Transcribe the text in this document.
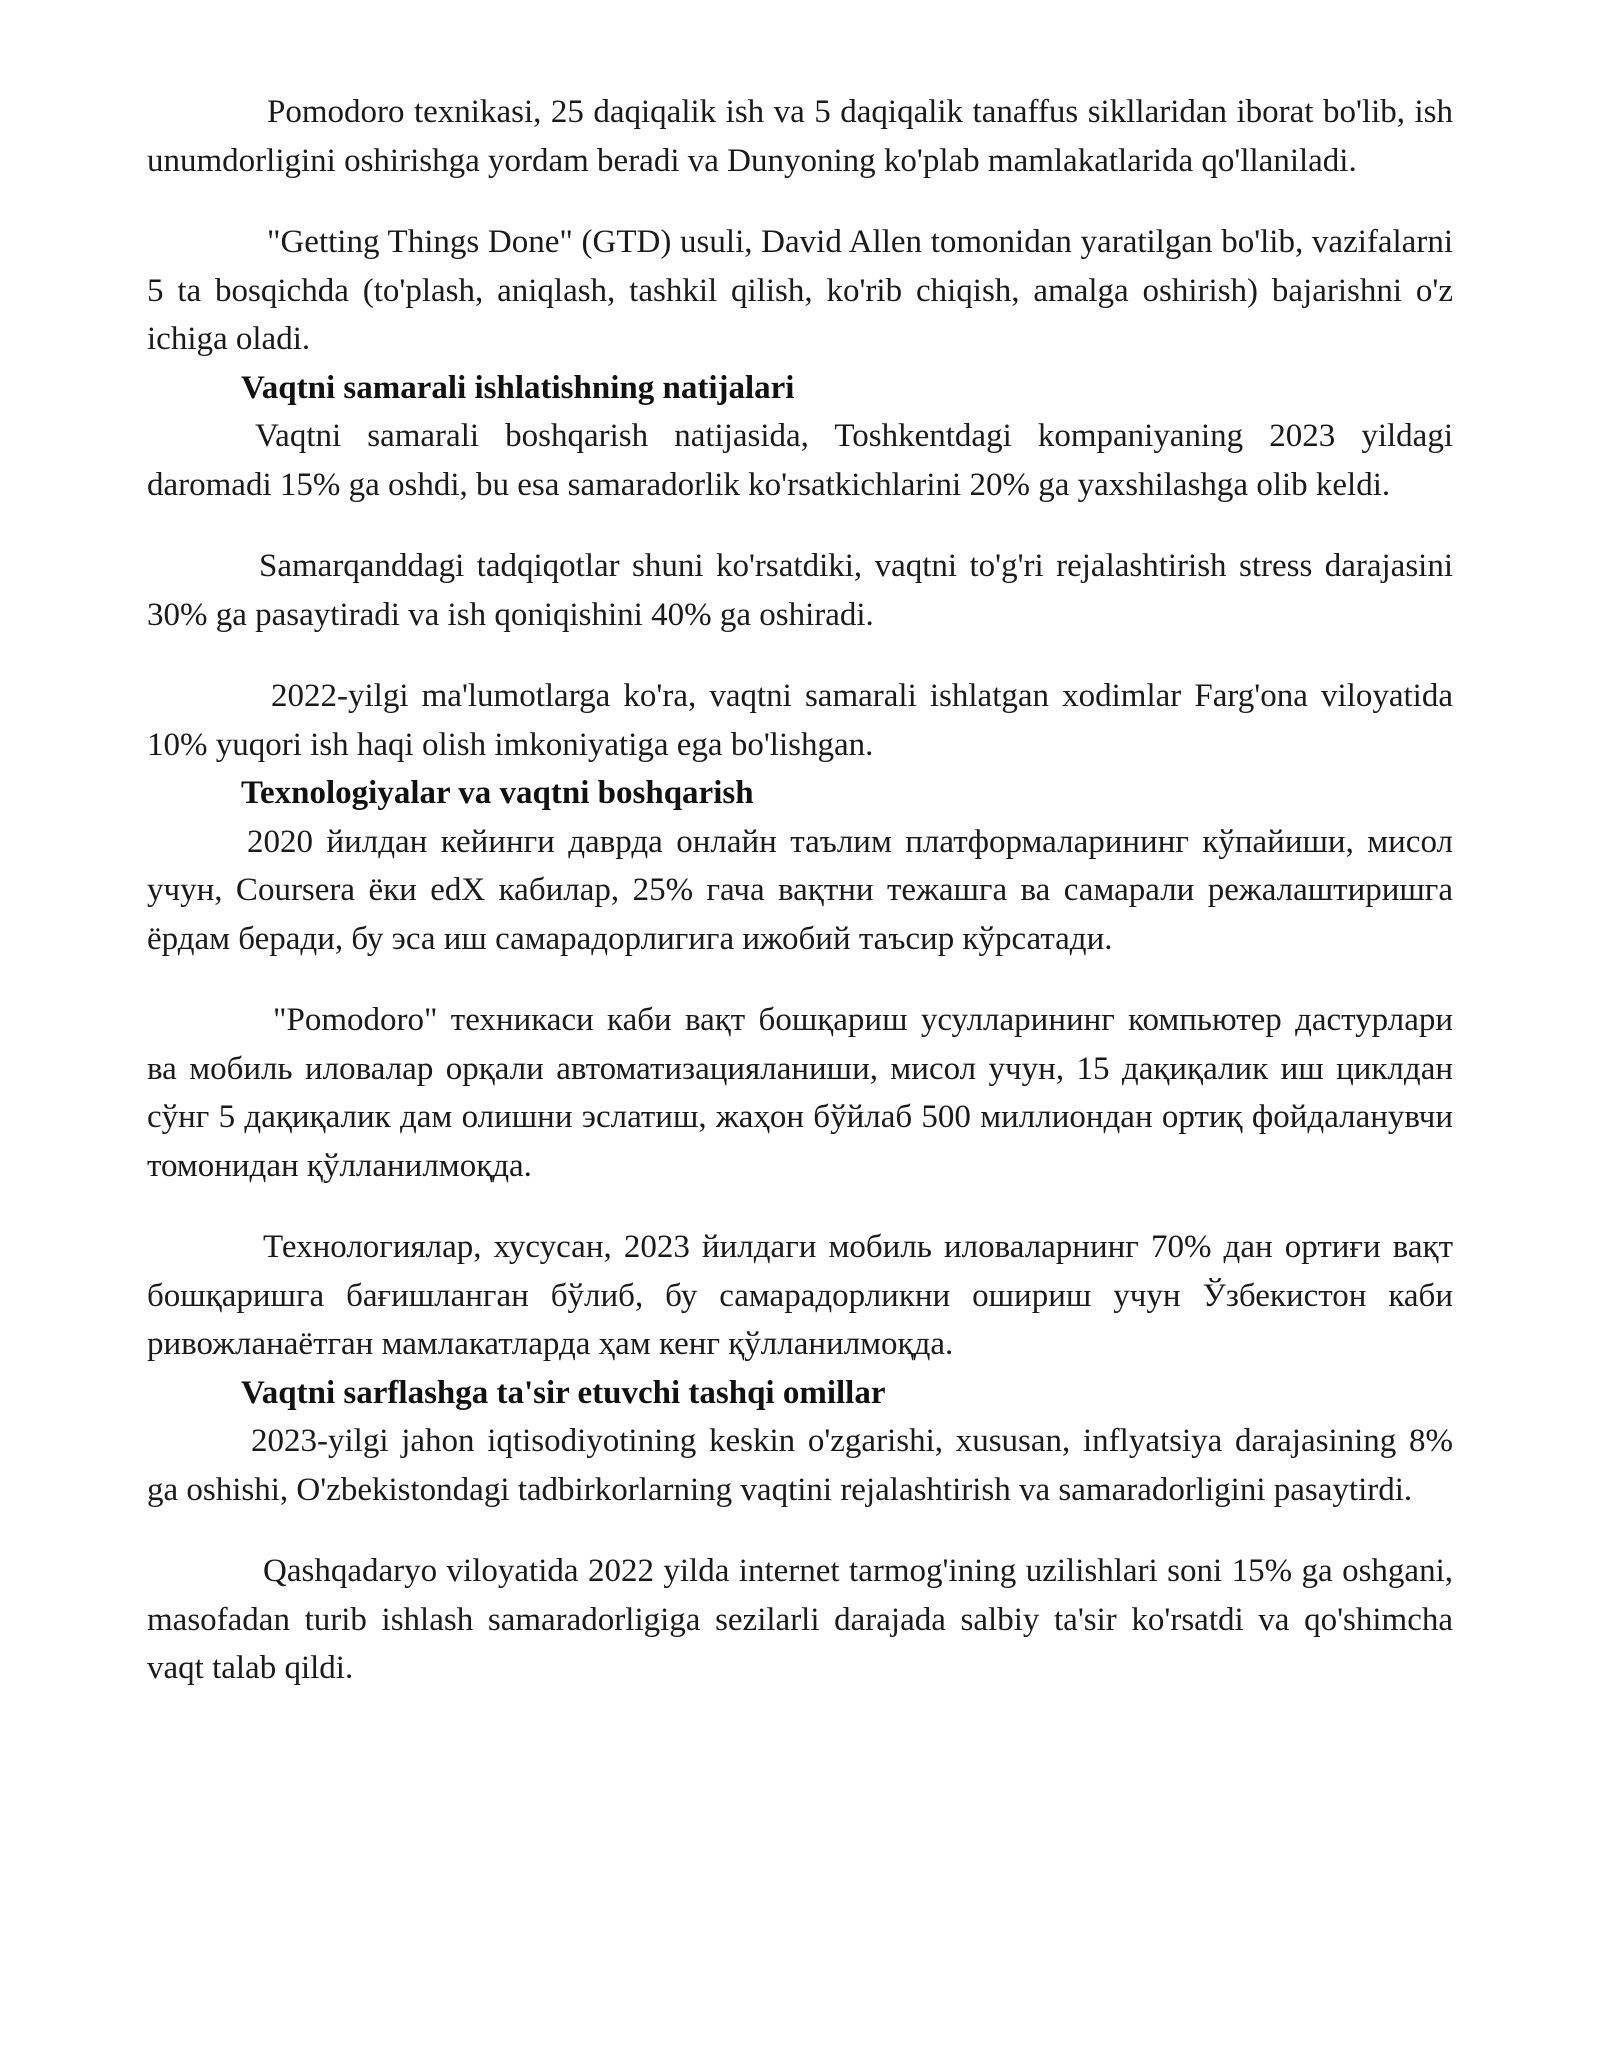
Pomodoro texnikasi, 25 daqiqalik ish va 5 daqiqalik tanaffus sikllaridan iborat bo'lib, ish unumdorligini oshirishga yordam beradi va Dunyoning ko'plab mamlakatlarida qo'llaniladi.

"Getting Things Done" (GTD) usuli, David Allen tomonidan yaratilgan bo'lib, vazifalarni 5 ta bosqichda (to'plash, aniqlash, tashkil qilish, ko'rib chiqish, amalga oshirish) bajarishni o'z ichiga oladi.

Vaqtni samarali ishlatishning natijalari

Vaqtni samarali boshqarish natijasida, Toshkentdagi kompaniyaning 2023 yildagi daromadi 15% ga oshdi, bu esa samaradorlik ko'rsatkichlarini 20% ga yaxshilashga olib keldi.

Samarqanddagi tadqiqotlar shuni ko'rsatdiki, vaqtni to'g'ri rejalashtirish stress darajasini 30% ga pasaytiradi va ish qoniqishini 40% ga oshiradi.

2022-yilgi ma'lumotlarga ko'ra, vaqtni samarali ishlatgan xodimlar Farg'ona viloyatida 10% yuqori ish haqi olish imkoniyatiga ega bo'lishgan.

Texnologiyalar va vaqtni boshqarish

2020 йилдан кейинги даврда онлайн таълим платформаларининг кўпайиши, мисол учун, Coursera ёки edX кабилар, 25% гача вақтни тежашга ва самарали режалаштиришга ёрдам беради, бу эса иш самарадорлигига ижобий таъсир кўрсатади.

"Pomodoro" техникаси каби вақт бошқариш усулларининг компьютер дастурлари ва мобиль иловалар орқали автоматизацияланиши, мисол учун, 15 дақиқалик иш циклдан сўнг 5 дақиқалик дам олишни эслатиш, жаҳон бўйлаб 500 миллиондан ортиқ фойдаланувчи томонидан қўлланилмоқда.

Технологиялар, хусусан, 2023 йилдаги мобиль иловаларнинг 70% дан ортиғи вақт бошқаришга бағишланган бўлиб, бу самарадорликни ошириш учун Ўзбекистон каби ривожланаётган мамлакатларда ҳам кенг қўлланилмоқда.

Vaqtni sarflashga ta'sir etuvchi tashqi omillar

2023-yilgi jahon iqtisodiyotining keskin o'zgarishi, xususan, inflyatsiya darajasining 8% ga oshishi, O'zbekistondagi tadbirkorlarning vaqtini rejalashtirish va samaradorligini pasaytirdi.

Qashqadaryo viloyatida 2022 yilda internet tarmog'ining uzilishlari soni 15% ga oshgani, masofadan turib ishlash samaradorligiga sezilarli darajada salbiy ta'sir ko'rsatdi va qo'shimcha vaqt talab qildi.
